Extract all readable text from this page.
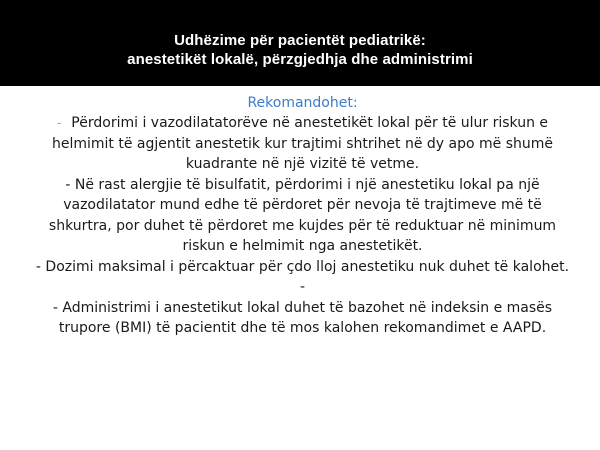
Udhëzime për pacientët pediatrikë:
anestetikët lokalë, përzgjedhja dhe administrimi

Rekomandohet:

- Përdorimi i vazodilatatorëve në anestetikët lokal për të ulur riskun e helmimit të agjentit anestetik kur trajtimi shtrihet në dy apo më shumë kuadrante në një vizitë të vetme.

- Në rast alergjie të bisulfatit, përdorimi i një anestetiku lokal pa një vazodilatator mund edhe të përdoret për nevoja të trajtimeve më të shkurtra, por duhet të përdoret me kujdes për të reduktuar në minimum riskun e helmimit nga anestetikët.

- Dozimi maksimal i përcaktuar për çdo lloj anestetiku nuk duhet të kalohet.

-

- Administrimi i anestetikut lokal duhet të bazohet në indeksin e masës trupore (BMI) të pacientit dhe të mos kalohen rekomandimet e AAPD.
